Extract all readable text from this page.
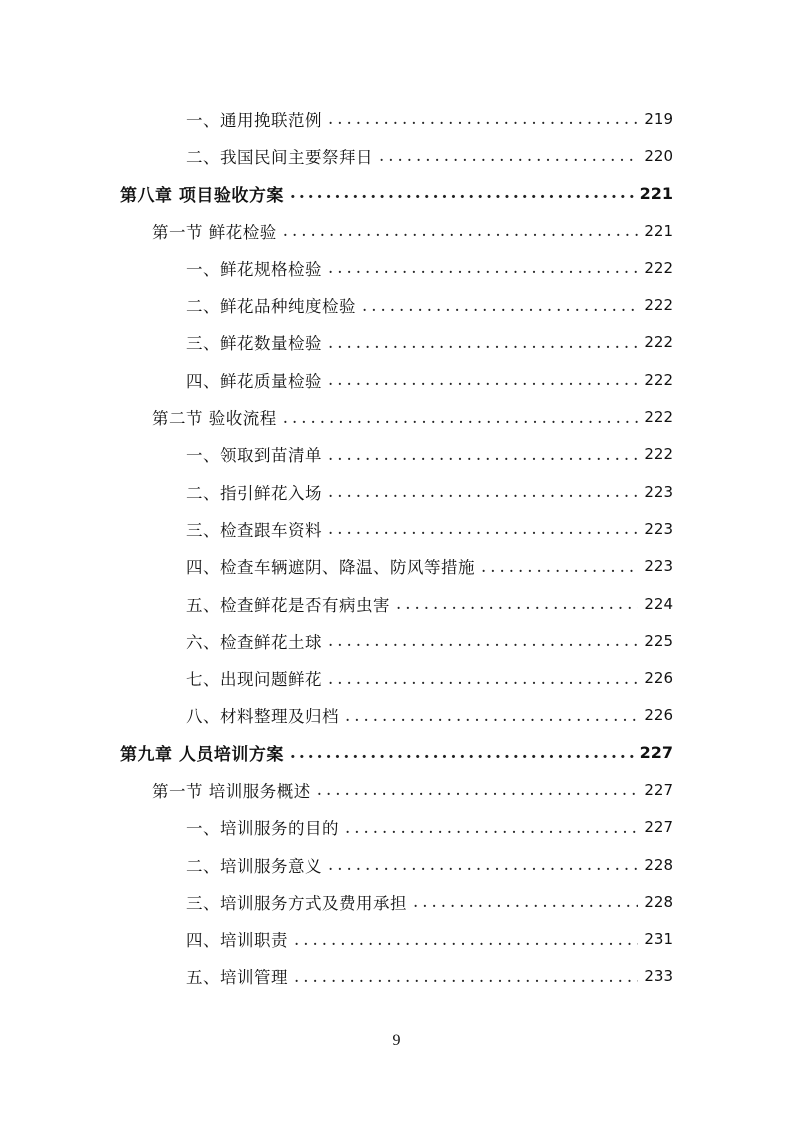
一、通用挽联范例 .....	219
二、我国民间主要祭拜日 .....	220
第八章 项目验收方案 .....	221
第一节 鲜花检验 .....	221
一、鲜花规格检验 .....	222
二、鲜花品种纯度检验 .....	222
三、鲜花数量检验 .....	222
四、鲜花质量检验 .....	222
第二节 验收流程 .....	222
一、领取到苗清单 .....	222
二、指引鲜花入场 .....	223
三、检查跟车资料 .....	223
四、检查车辆遮阴、降温、防风等措施 .....	223
五、检查鲜花是否有病虫害 .....	224
六、检查鲜花土球 .....	225
七、出现问题鲜花 .....	226
八、材料整理及归档 .....	226
第九章 人员培训方案 .....	227
第一节 培训服务概述 .....	227
一、培训服务的目的 .....	227
二、培训服务意义 .....	228
三、培训服务方式及费用承担 .....	228
四、培训职责 .....	231
五、培训管理 .....	233
9
